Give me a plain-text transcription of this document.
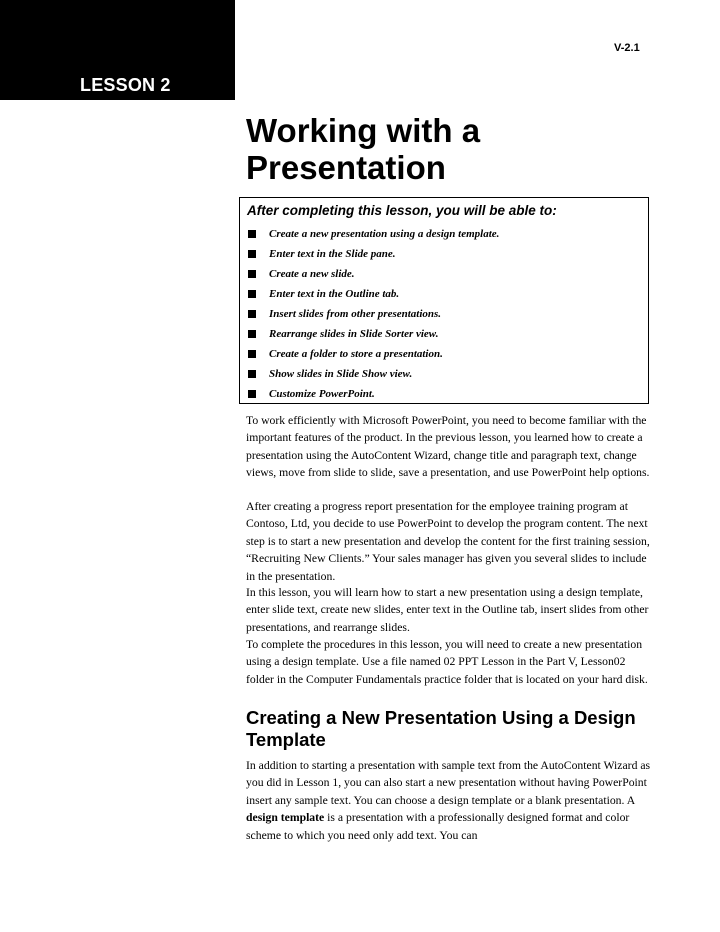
LESSON 2
V-2.1
Working with a Presentation
After completing this lesson, you will be able to:
Create a new presentation using a design template.
Enter text in the Slide pane.
Create a new slide.
Enter text in the Outline tab.
Insert slides from other presentations.
Rearrange slides in Slide Sorter view.
Create a folder to store a presentation.
Show slides in Slide Show view.
Customize PowerPoint.

To work efficiently with Microsoft PowerPoint, you need to become familiar with the important features of the product. In the previous lesson, you learned how to create a presentation using the AutoContent Wizard, change title and paragraph text, change views, move from slide to slide, save a presentation, and use PowerPoint help options.

After creating a progress report presentation for the employee training program at Contoso, Ltd, you decide to use PowerPoint to develop the program content. The next step is to start a new presentation and develop the content for the first training session, “Recruiting New Clients.” Your sales manager has given you several slides to include in the presentation.

In this lesson, you will learn how to start a new presentation using a design template, enter slide text, create new slides, enter text in the Outline tab, insert slides from other presentations, and rearrange slides.

To complete the procedures in this lesson, you will need to create a new presentation using a design template. Use a file named 02 PPT Lesson in the Part V, Lesson02 folder in the Computer Fundamentals practice folder that is located on your hard disk.

Creating a New Presentation Using a Design Template

In addition to starting a presentation with sample text from the AutoContent Wizard as you did in Lesson 1, you can also start a new presentation without having PowerPoint insert any sample text. You can choose a design template or a blank presentation. A design template is a presentation with a professionally designed format and color scheme to which you need only add text. You can
